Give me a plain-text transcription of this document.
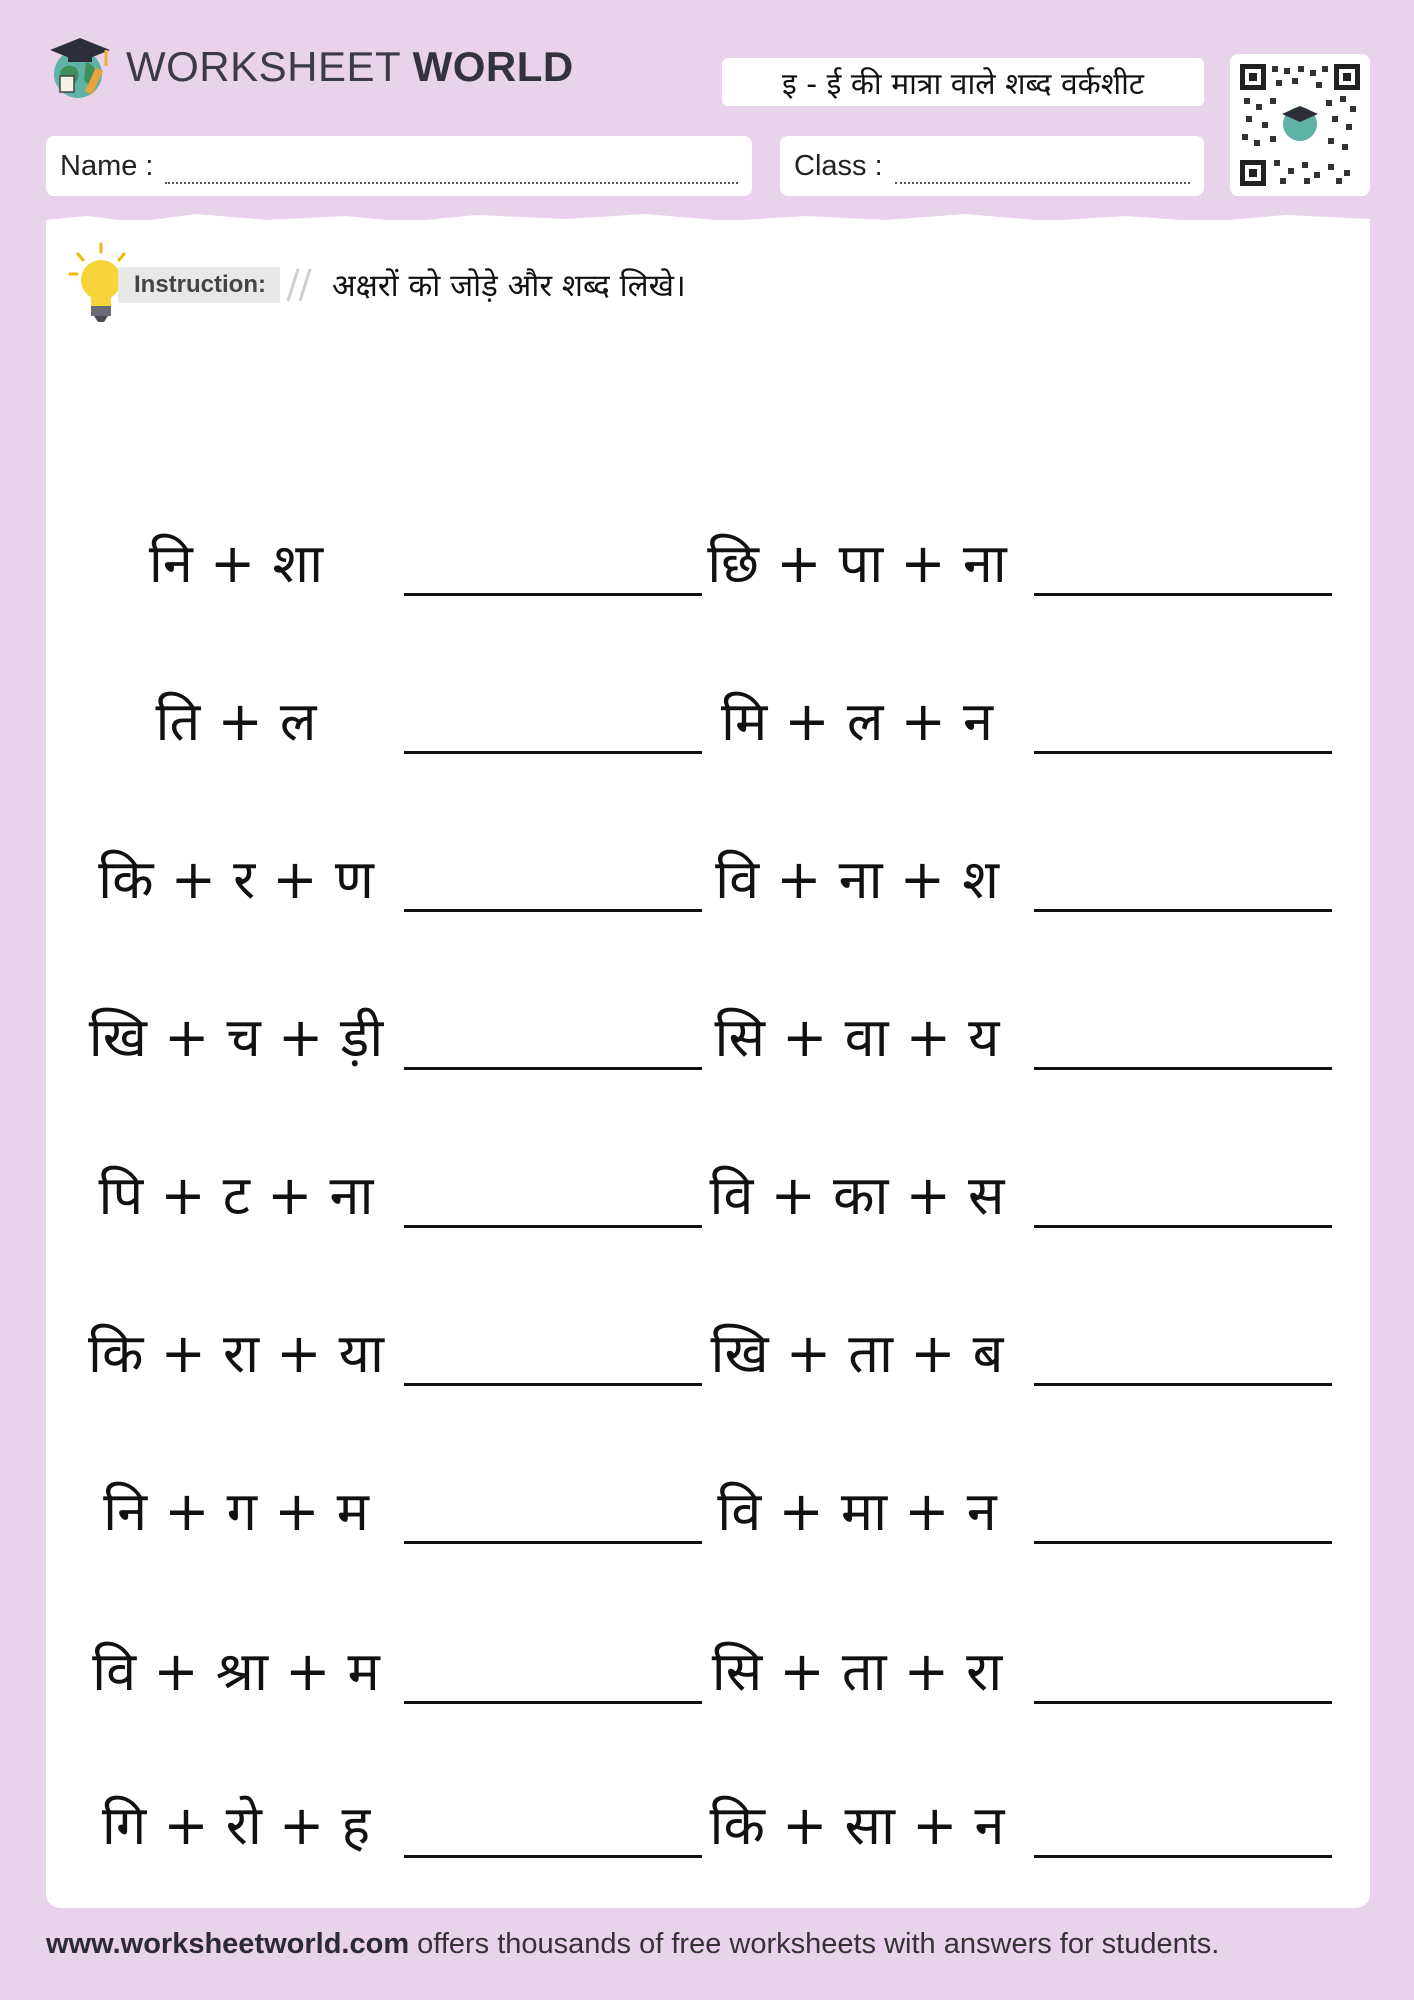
WORKSHEET WORLD	इ - ई की मात्रा वाले शब्द वर्कशीट
Name :	Class :
Instruction:	अक्षरों को जोड़े और शब्द लिखे।
नि + शा	छि + पा + ना
ति + ल	मि + ल + न
कि + र + ण	वि + ना + श
खि + च + ड़ी	सि + वा + य
पि + ट + ना	वि + का + स
कि + रा + या	खि + ता + ब
नि + ग + म	वि + मा + न
वि + श्रा + म	सि + ता + रा
गि + रो + ह	कि + सा + न
www.worksheetworld.com offers thousands of free worksheets with answers for students.
